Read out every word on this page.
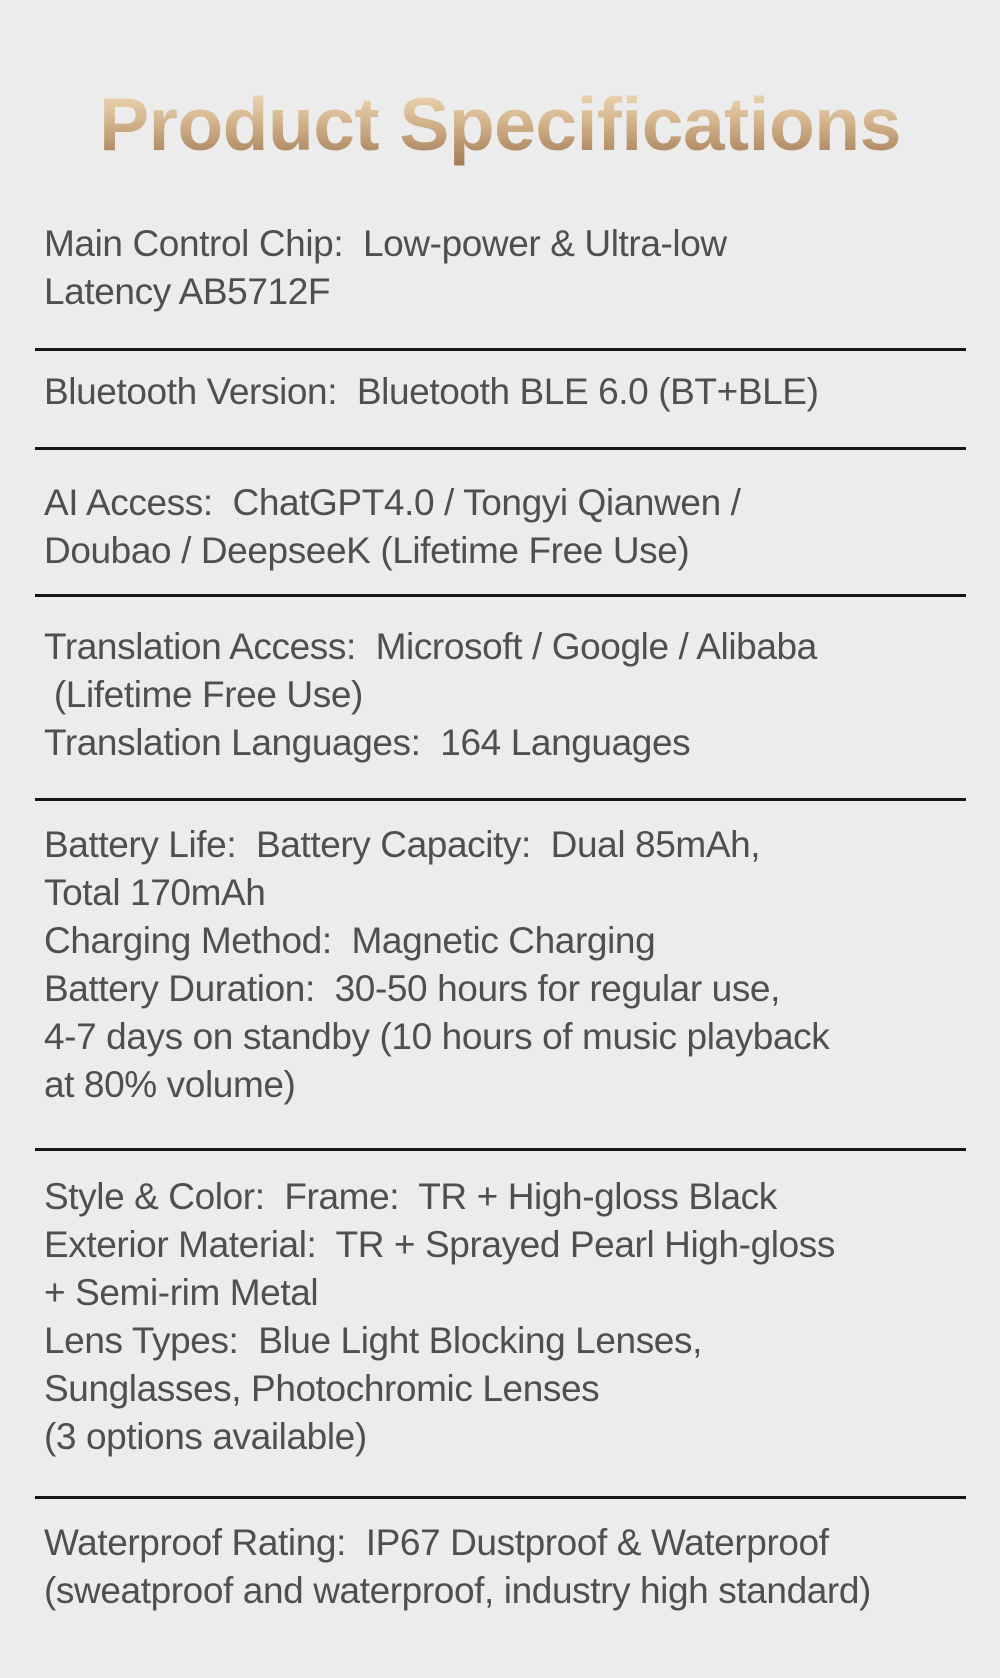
Product Specifications
Main Control Chip:  Low-power & Ultra-low
Latency AB5712F
Bluetooth Version:  Bluetooth BLE 6.0 (BT+BLE)
AI Access:  ChatGPT4.0 / Tongyi Qianwen /
Doubao / DeepseeK (Lifetime Free Use)
Translation Access:  Microsoft / Google / Alibaba
(Lifetime Free Use)
Translation Languages:  164 Languages
Battery Life:  Battery Capacity:  Dual 85mAh,
Total 170mAh
Charging Method:  Magnetic Charging
Battery Duration:  30-50 hours for regular use,
4-7 days on standby (10 hours of music playback
at 80% volume)
Style & Color:  Frame:  TR + High-gloss Black
Exterior Material:  TR + Sprayed Pearl High-gloss
+ Semi-rim Metal
Lens Types:  Blue Light Blocking Lenses,
Sunglasses, Photochromic Lenses
(3 options available)
Waterproof Rating:  IP67 Dustproof & Waterproof
(sweatproof and waterproof, industry high standard)
